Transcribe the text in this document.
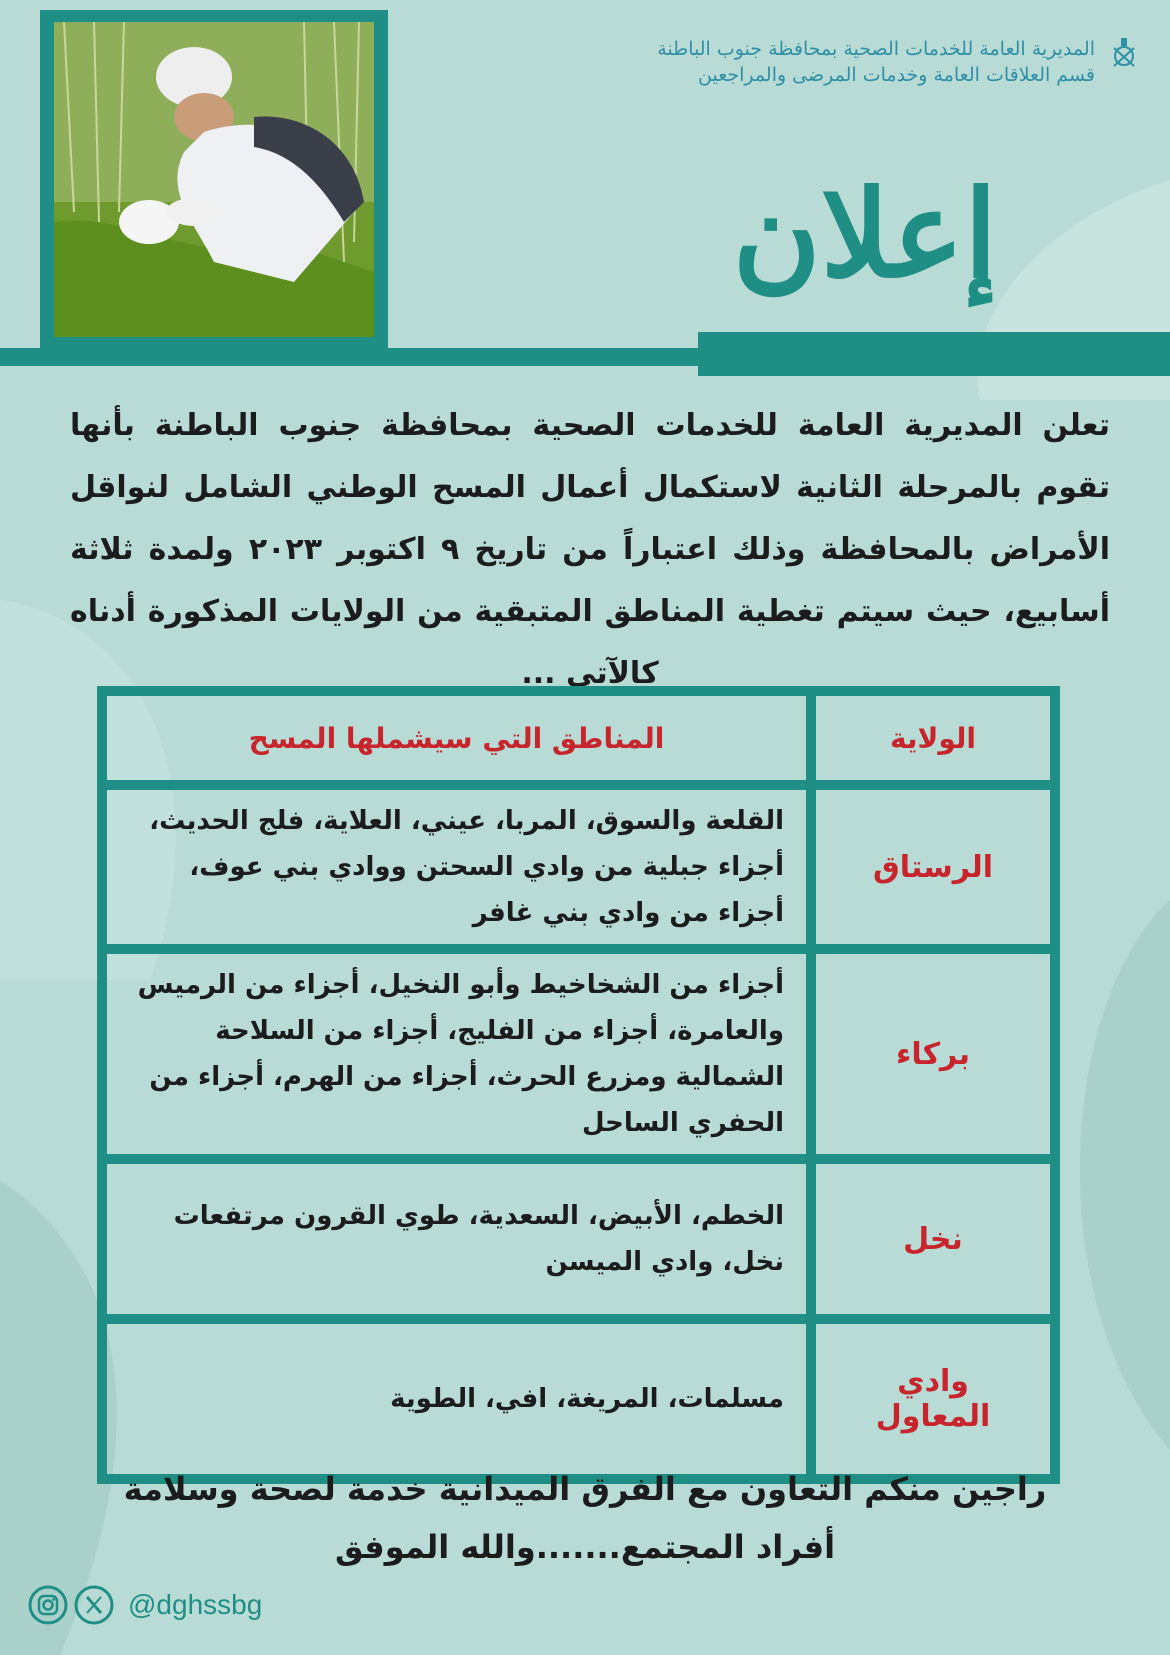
المديرية العامة للخدمات الصحية بمحافظة جنوب الباطنة
قسم العلاقات العامة وخدمات المرضى والمراجعين
إعلان
تعلن المديرية العامة للخدمات الصحية بمحافظة جنوب الباطنة بأنها تقوم بالمرحلة الثانية لاستكمال أعمال المسح الوطني الشامل لنواقل الأمراض بالمحافظة وذلك اعتباراً من تاريخ ٩ اكتوبر ٢٠٢٣ ولمدة ثلاثة أسابيع، حيث سيتم تغطية المناطق المتبقية من الولايات المذكورة أدناه كالآتي ...
الولاية	المناطق التي سيشملها المسح
الرستاق	القلعة والسوق، المربا، عيني، العلاية، فلج الحديث، أجزاء جبلية من وادي السحتن ووادي بني عوف، أجزاء من وادي بني غافر
بركاء	أجزاء من الشخاخيط وأبو النخيل، أجزاء من الرميس والعامرة، أجزاء من الفليج، أجزاء من السلاحة الشمالية ومزرع الحرث، أجزاء من الهرم، أجزاء من الحفري الساحل
نخل	الخطم، الأبيض، السعدية، طوي القرون مرتفعات نخل، وادي الميسن
وادي المعاول	مسلمات، المريغة، افي، الطوية
راجين منكم التعاون مع الفرق الميدانية خدمة لصحة وسلامة
أفراد المجتمع.......والله الموفق
@dghssbg
